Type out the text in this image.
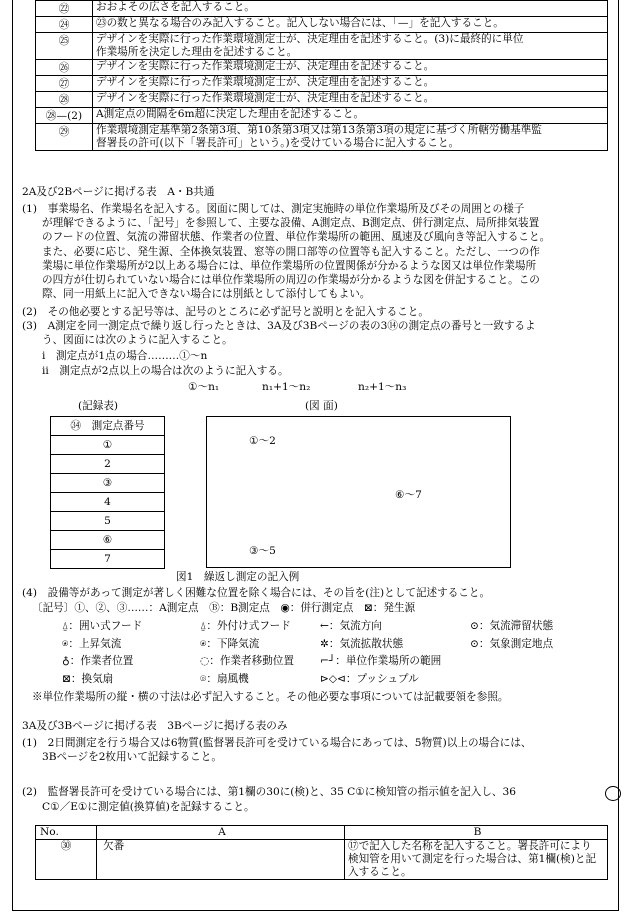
㉒	おおよその広さを記入すること。

㉔	㉓の数と異なる場合のみ記入すること。記入しない場合には、「—」を記入すること。

㉕	デザインを実際に行った作業環境測定士が、決定理由を記述すること。(3)に最終的に単位
作業場所を決定した理由を記述すること。

㉖	デザインを実際に行った作業環境測定士が、決定理由を記述すること。

㉗	デザインを実際に行った作業環境測定士が、決定理由を記述すること。

㉘	デザインを実際に行った作業環境測定士が、決定理由を記述すること。

㉘—(2)	A測定点の間隔を6m超に決定した理由を記述すること。

㉙	作業環境測定基準第2条第3項、第10条第3項又は第13条第3項の規定に基づく所轄労働基準監
督署長の許可(以下「署長許可」という。)を受けている場合に記入すること。
2A及び2Bページに掲げる表　A・B共通
(1)　事業場名、作業場名を記入する。図面に関しては、測定実施時の単位作業場所及びその周囲との様子
が理解できるように、「記号」を参照して、主要な設備、A測定点、B測定点、併行測定点、局所排気装置
のフードの位置、気流の滞留状態、作業者の位置、単位作業場所の範囲、風速及び風向き等記入すること。
また、必要に応じ、発生源、全体換気装置、窓等の開口部等の位置等も記入すること。ただし、一つの作
業場に単位作業場所が2以上ある場合には、単位作業場所の位置関係が分かるような図又は単位作業場所
の四方が仕切られていない場合には単位作業場所の周辺の作業場が分かるような図を併記すること。この
際、同一用紙上に記入できない場合には別紙として添付してもよい。
(2)　その他必要とする記号等は、記号のところに必ず記号と説明とを記入すること。
(3)　A測定を同一測定点で繰り返し行ったときは、3A及び3Bページの表の3⑭の測定点の番号と一致するよ
う、図面には次のように記入すること。
i　測定点が1点の場合………①〜n
ii　測定点が2点以上の場合は次のように記入する。
①〜n₁	n₁+1〜n₂	n₂+1〜n₃
(記録表)	(図 面)
㉞　測定点番号
①
2
③
4
5
⑥
7
①〜2
⑥〜7
③〜5
図1　繰返し測定の記入例
(4)　設備等があって測定が著しく困難な位置を除く場合には、その旨を(注)として記述すること。
〔記号〕①、②、③……：A測定点　Ⓑ：B測定点　◉：併行測定点　⊠：発生源
⍙：囲い式フード	⍙：外付け式フード	←：気流方向	⊙：気流滞留状態
⍟：上昇気流	⍟：下降気流	✲：気流拡散状態	⊙：気象測定地点
♁：作業者位置	◌：作業者移動位置 ⌐┘：単位作業場所の範囲
⊠：換気扇	⌾：扇風機	⊳◇⊲：プッシュプル
※単位作業場所の縦・横の寸法は必ず記入すること。その他必要な事項については記載要領を参照。
3A及び3Bページに掲げる表　3Bページに掲げる表のみ
(1)　2日間測定を行う場合又は6物質(監督署長許可を受けている場合にあっては、5物質)以上の場合には、
3Bページを2枚用いて記録すること。
(2)　監督署長許可を受けている場合には、第1欄の30に(検)と、35 C①に検知管の指示値を記入し、36
C①／E①に測定値(換算値)を記録すること。
No.	A	B
㉚	欠番	⑰で記入した名称を記入すること。署長許可により
検知管を用いて測定を行った場合は、第1欄(検)と記
入すること。
